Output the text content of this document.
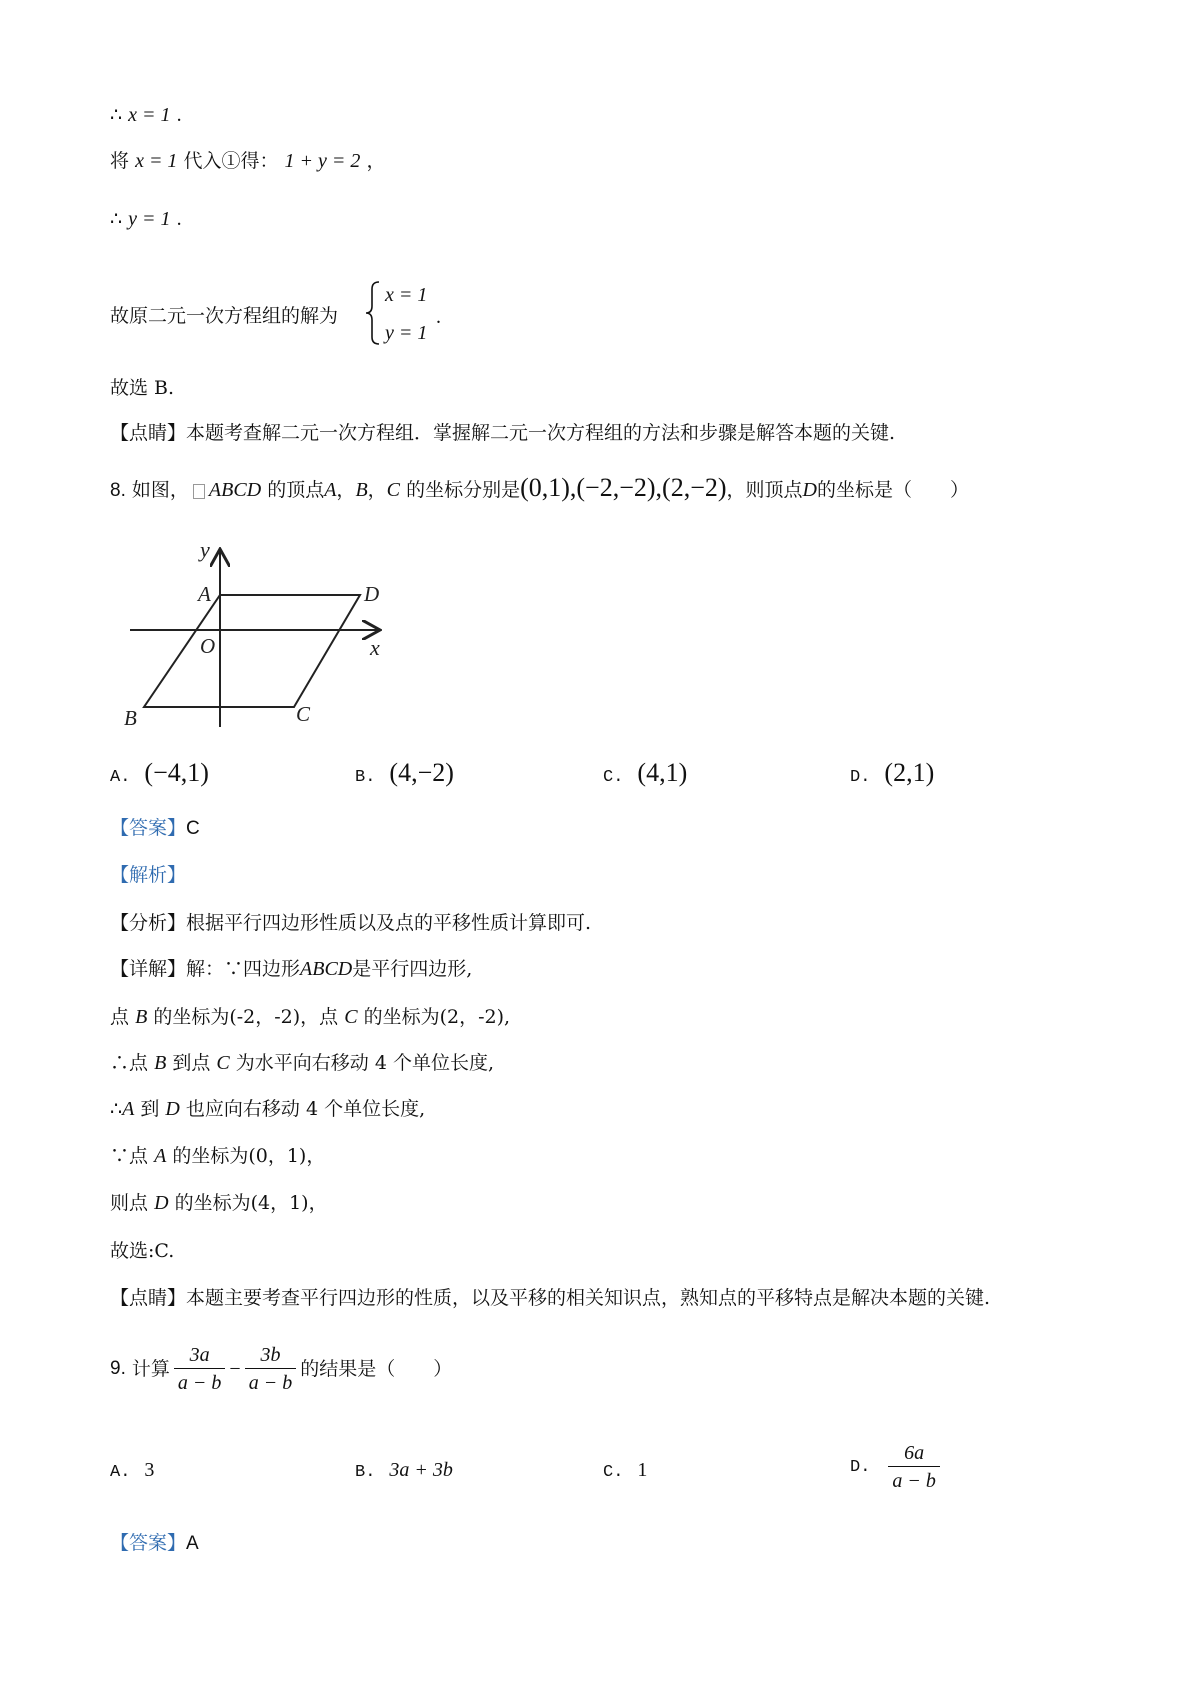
∴ x = 1 .
将 x = 1 代入①得： 1 + y = 2 ，
∴ y = 1 .
故原二元一次方程组的解为
x = 1
y = 1
.
故选 B.
【点睛】本题考查解二元一次方程组．掌握解二元一次方程组的方法和步骤是解答本题的关键.
8. 如图， ABCD 的顶点A，B，C 的坐标分别是(0,1),(−2,−2),(2,−2)，则顶点D的坐标是（　　）
y
x
A	D
O
B	C
A. (−4,1)	B. (4,−2)	C. (4,1)	D. (2,1)
【答案】C
【解析】
【分析】根据平行四边形性质以及点的平移性质计算即可.
【详解】解：∵四边形ABCD是平行四边形,
点 B 的坐标为(-2，-2)，点 C 的坐标为(2，-2),
∴点 B 到点 C 为水平向右移动 4 个单位长度,
∴A 到 D 也应向右移动 4 个单位长度,
∵点 A 的坐标为(0，1)，
则点 D 的坐标为(4，1)，
故选:C.
【点睛】本题主要考查平行四边形的性质，以及平移的相关知识点，熟知点的平移特点是解决本题的关键.
9.
计算 $\frac{3a}{a - b} - \frac{3b}{a - b}$ 的结果是（　　）
A. 3	B. 3a + 3b	C. 1	D. $\frac{6a}{a - b}$
【答案】A
